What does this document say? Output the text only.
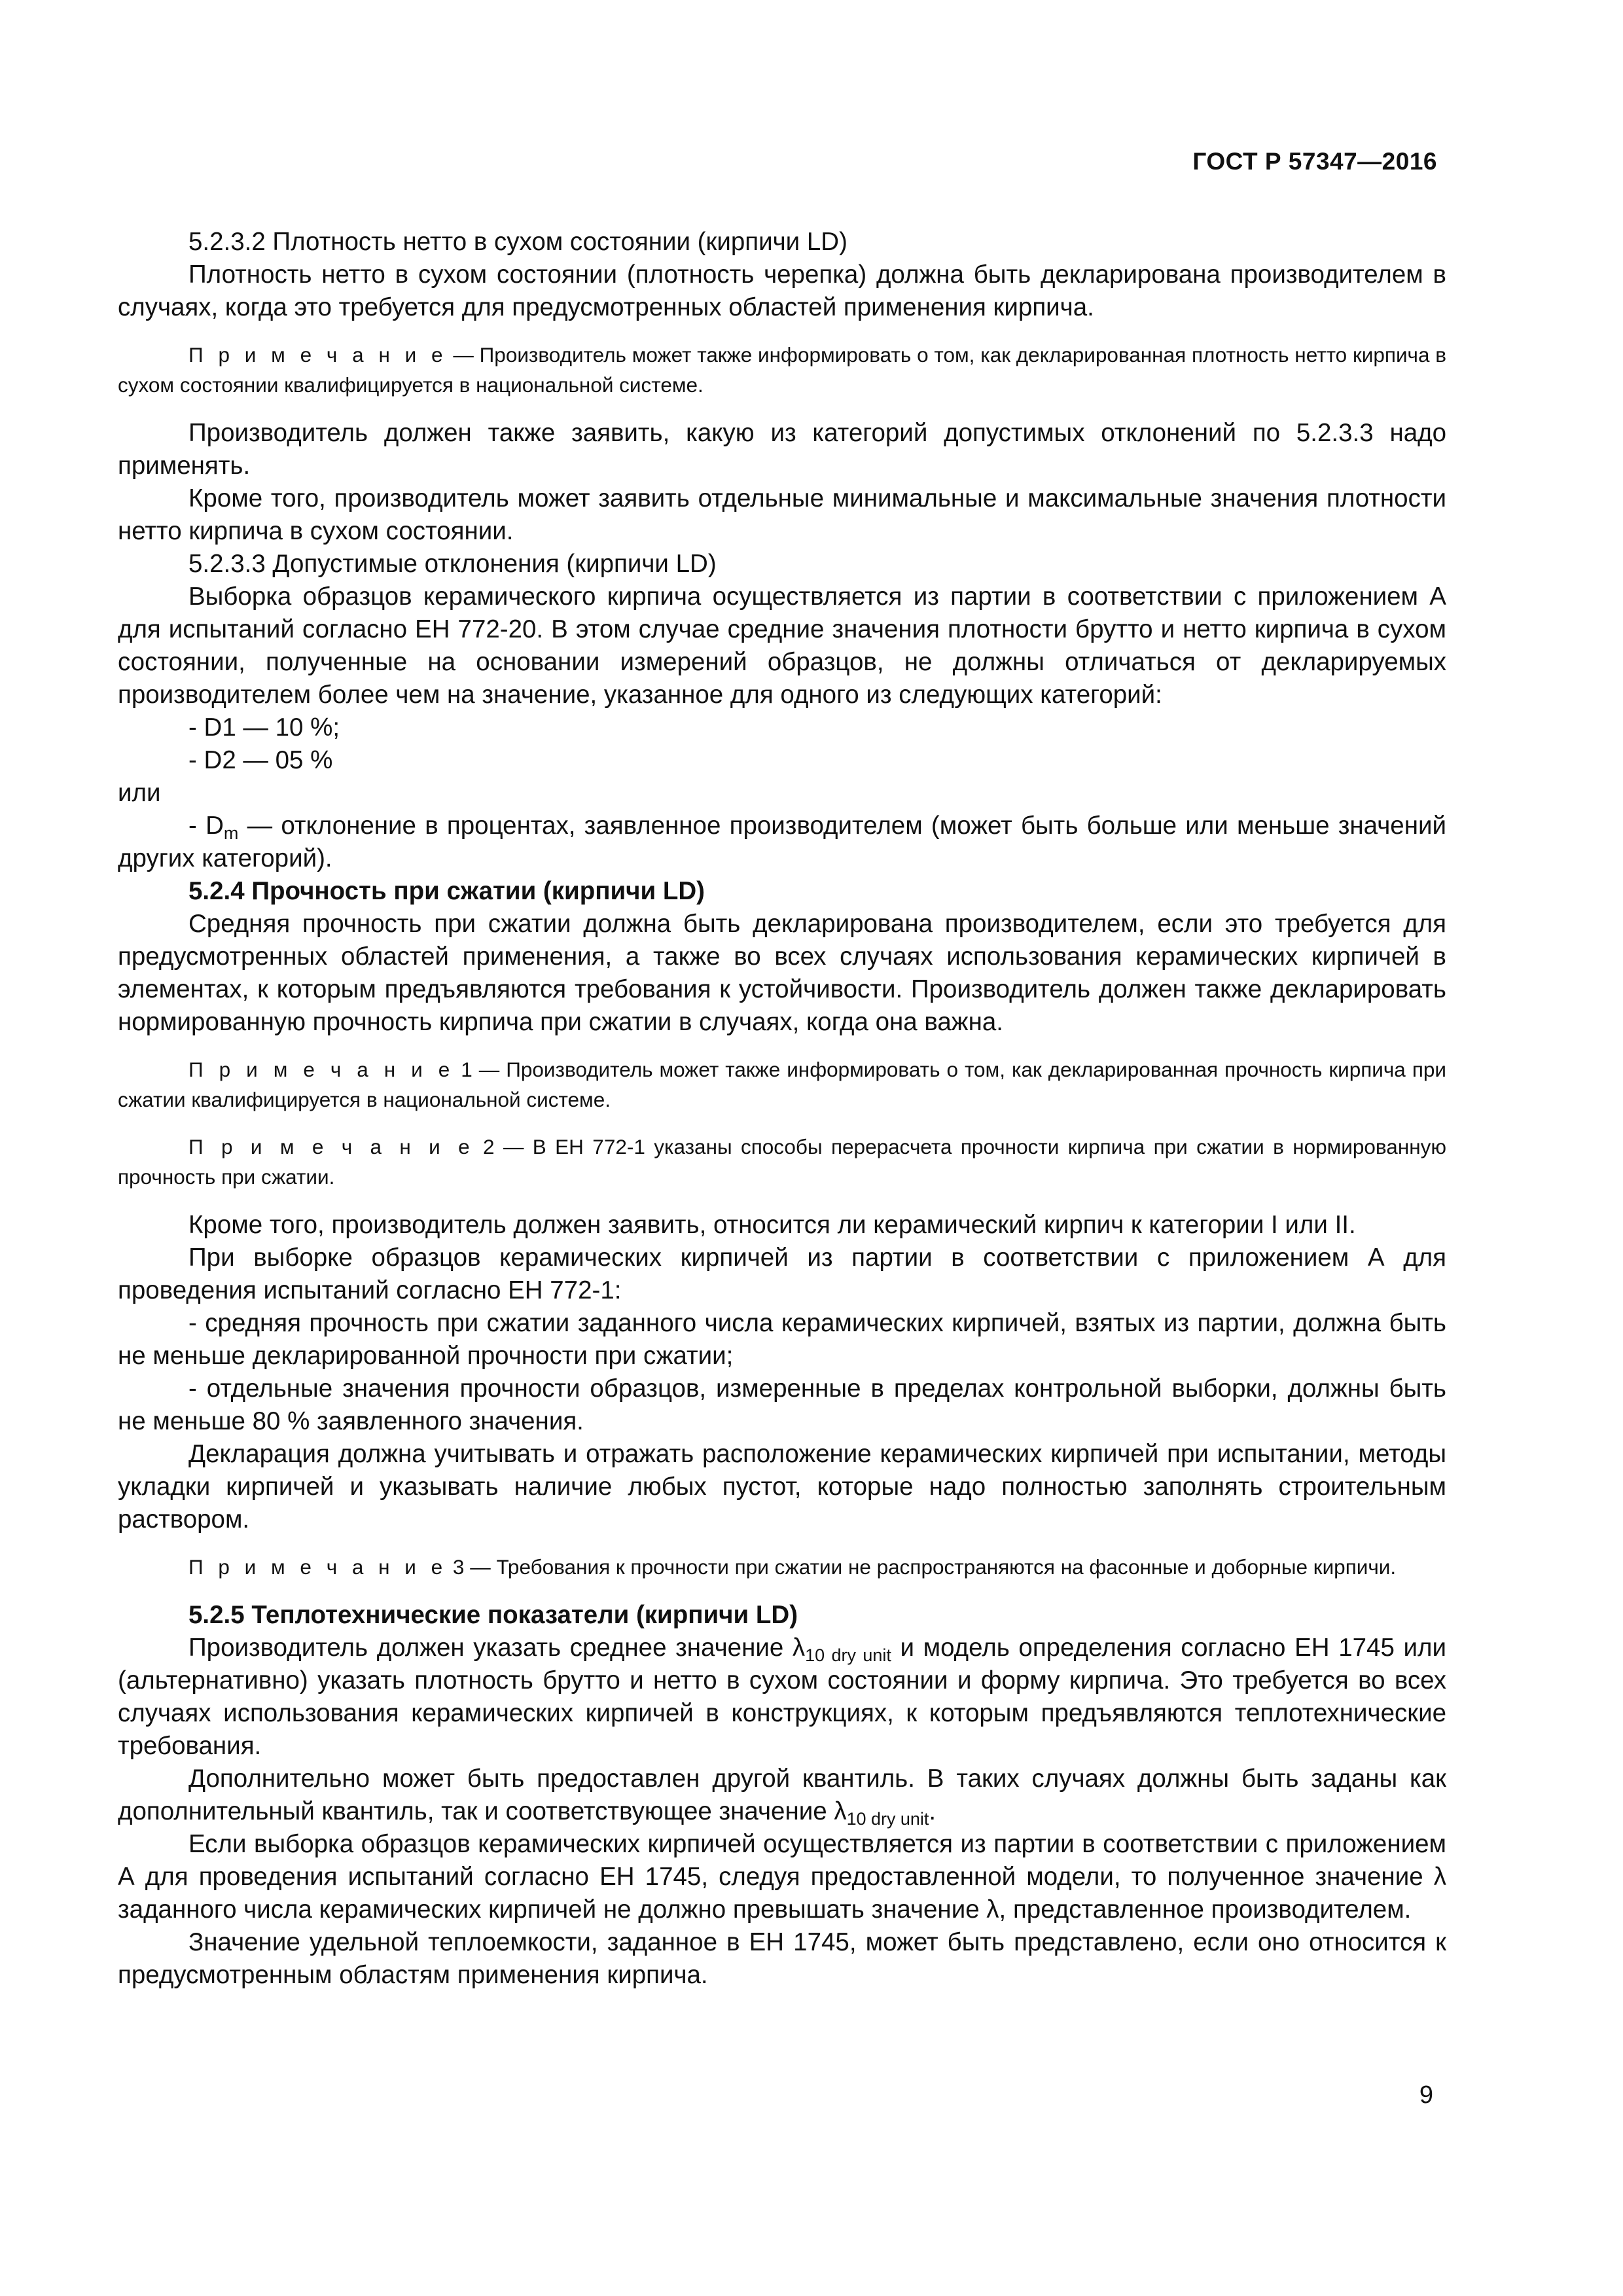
ГОСТ Р 57347—2016

5.2.3.2 Плотность нетто в сухом состоянии (кирпичи LD)

Плотность нетто в сухом состоянии (плотность черепка) должна быть декларирована производителем в случаях, когда это требуется для предусмотренных областей применения кирпича.

П р и м е ч а н и е — Производитель может также информировать о том, как декларированная плотность нетто кирпича в сухом состоянии квалифицируется в национальной системе.

Производитель должен также заявить, какую из категорий допустимых отклонений по 5.2.3.3 надо применять.

Кроме того, производитель может заявить отдельные минимальные и максимальные значения плотности нетто кирпича в сухом состоянии.

5.2.3.3 Допустимые отклонения (кирпичи LD)

Выборка образцов керамического кирпича осуществляется из партии в соответствии с приложением А для испытаний согласно ЕН 772-20. В этом случае средние значения плотности брутто и нетто кирпича в сухом состоянии, полученные на основании измерений образцов, не должны отличаться от декларируемых производителем более чем на значение, указанное для одного из следующих категорий:

- D1 — 10 %;

- D2 — 05 %

или

- $D_m$ — отклонение в процентах, заявленное производителем (может быть больше или меньше значений других категорий).

5.2.4 Прочность при сжатии (кирпичи LD)

Средняя прочность при сжатии должна быть декларирована производителем, если это требуется для предусмотренных областей применения, а также во всех случаях использования керамических кирпичей в элементах, к которым предъявляются требования к устойчивости. Производитель должен также декларировать нормированную прочность кирпича при сжатии в случаях, когда она важна.

П р и м е ч а н и е 1 — Производитель может также информировать о том, как декларированная прочность кирпича при сжатии квалифицируется в национальной системе.

П р и м е ч а н и е 2 — В ЕН 772-1 указаны способы перерасчета прочности кирпича при сжатии в нормированную прочность при сжатии.

Кроме того, производитель должен заявить, относится ли керамический кирпич к категории I или II.

При выборке образцов керамических кирпичей из партии в соответствии с приложением А для проведения испытаний согласно ЕН 772-1:

- средняя прочность при сжатии заданного числа керамических кирпичей, взятых из партии, должна быть не меньше декларированной прочности при сжатии;

- отдельные значения прочности образцов, измеренные в пределах контрольной выборки, должны быть не меньше 80 % заявленного значения.

Декларация должна учитывать и отражать расположение керамических кирпичей при испытании, методы укладки кирпичей и указывать наличие любых пустот, которые надо полностью заполнять строительным раствором.

П р и м е ч а н и е 3 — Требования к прочности при сжатии не распространяются на фасонные и доборные кирпичи.

5.2.5 Теплотехнические показатели (кирпичи LD)

Производитель должен указать среднее значение $\lambda_{10 dry unit}$ и модель определения согласно ЕН 1745 или (альтернативно) указать плотность брутто и нетто в сухом состоянии и форму кирпича. Это требуется во всех случаях использования керамических кирпичей в конструкциях, к которым предъявляются теплотехнические требования.

Дополнительно может быть предоставлен другой квантиль. В таких случаях должны быть заданы как дополнительный квантиль, так и соответствующее значение $\lambda_{10 dry unit}$.

Если выборка образцов керамических кирпичей осуществляется из партии в соответствии с приложением А для проведения испытаний согласно ЕН 1745, следуя предоставленной модели, то полученное значение λ заданного числа керамических кирпичей не должно превышать значение λ, представленное производителем.

Значение удельной теплоемкости, заданное в ЕН 1745, может быть представлено, если оно относится к предусмотренным областям применения кирпича.

9
